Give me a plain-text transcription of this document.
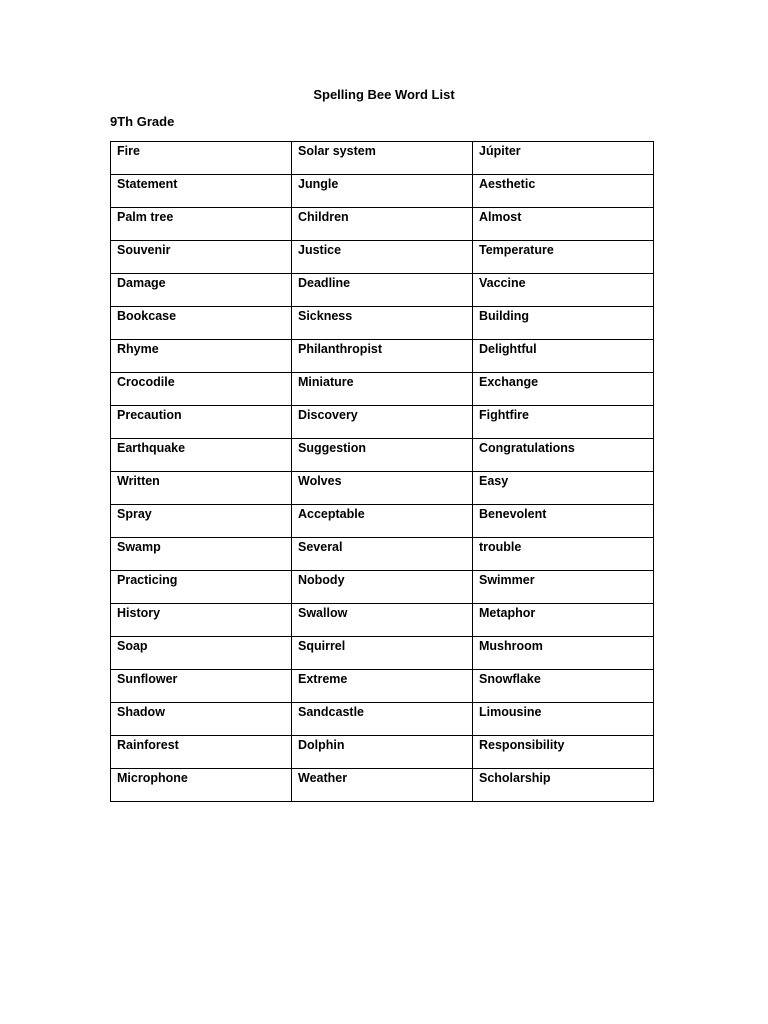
Spelling Bee Word List
9Th Grade
Fire	Solar system	Júpiter

Statement	Jungle	Aesthetic

Palm tree	Children	Almost

Souvenir	Justice	Temperature

Damage	Deadline	Vaccine

Bookcase	Sickness	Building

Rhyme	Philanthropist	Delightful

Crocodile	Miniature	Exchange

Precaution	Discovery	Fightfire

Earthquake	Suggestion	Congratulations

Written	Wolves	Easy

Spray	Acceptable	Benevolent

Swamp	Several	trouble

Practicing	Nobody	Swimmer

History	Swallow	Metaphor

Soap	Squirrel	Mushroom

Sunflower	Extreme	Snowflake

Shadow	Sandcastle	Limousine

Rainforest	Dolphin	Responsibility

Microphone	Weather	Scholarship
